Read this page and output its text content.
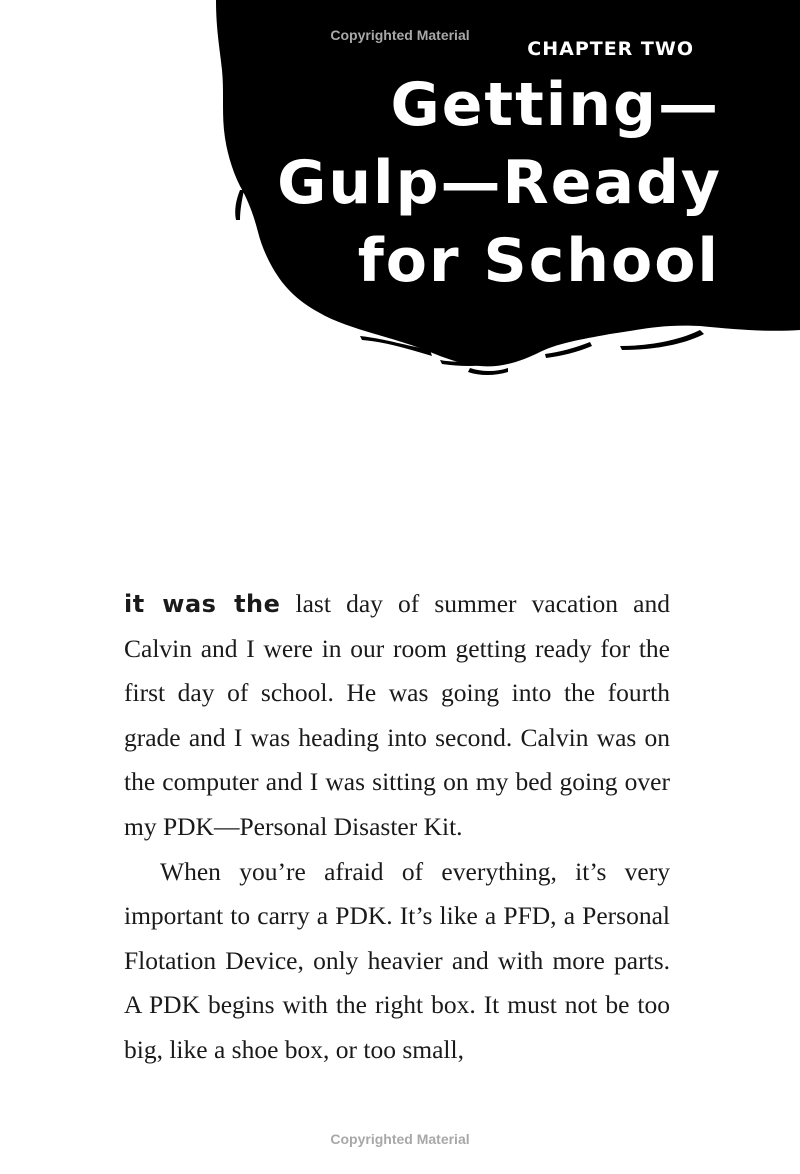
Copyrighted Material
CHAPTER TWO
Getting—
Gulp—Ready
for School

it was the last day of summer vacation and Calvin and I were in our room getting ready for the first day of school. He was going into the fourth grade and I was heading into second. Calvin was on the computer and I was sitting on my bed going over my PDK—Personal Disaster Kit.

When you’re afraid of everything, it’s very important to carry a PDK. It’s like a PFD, a Personal Flotation Device, only heavier and with more parts. A PDK begins with the right box. It must not be too big, like a shoe box, or too small,

Copyrighted Material
